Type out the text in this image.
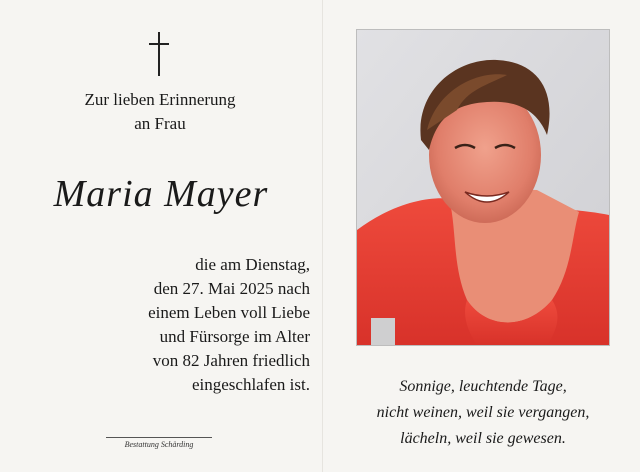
Zur lieben Erinnerung
an Frau
Maria Mayer
die am Dienstag,
den 27. Mai 2025 nach
einem Leben voll Liebe
und Fürsorge im Alter
von 82 Jahren friedlich
eingeschlafen ist.
Bestattung Schärding
Sonnige, leuchtende Tage,
nicht weinen, weil sie vergangen,
lächeln, weil sie gewesen.
